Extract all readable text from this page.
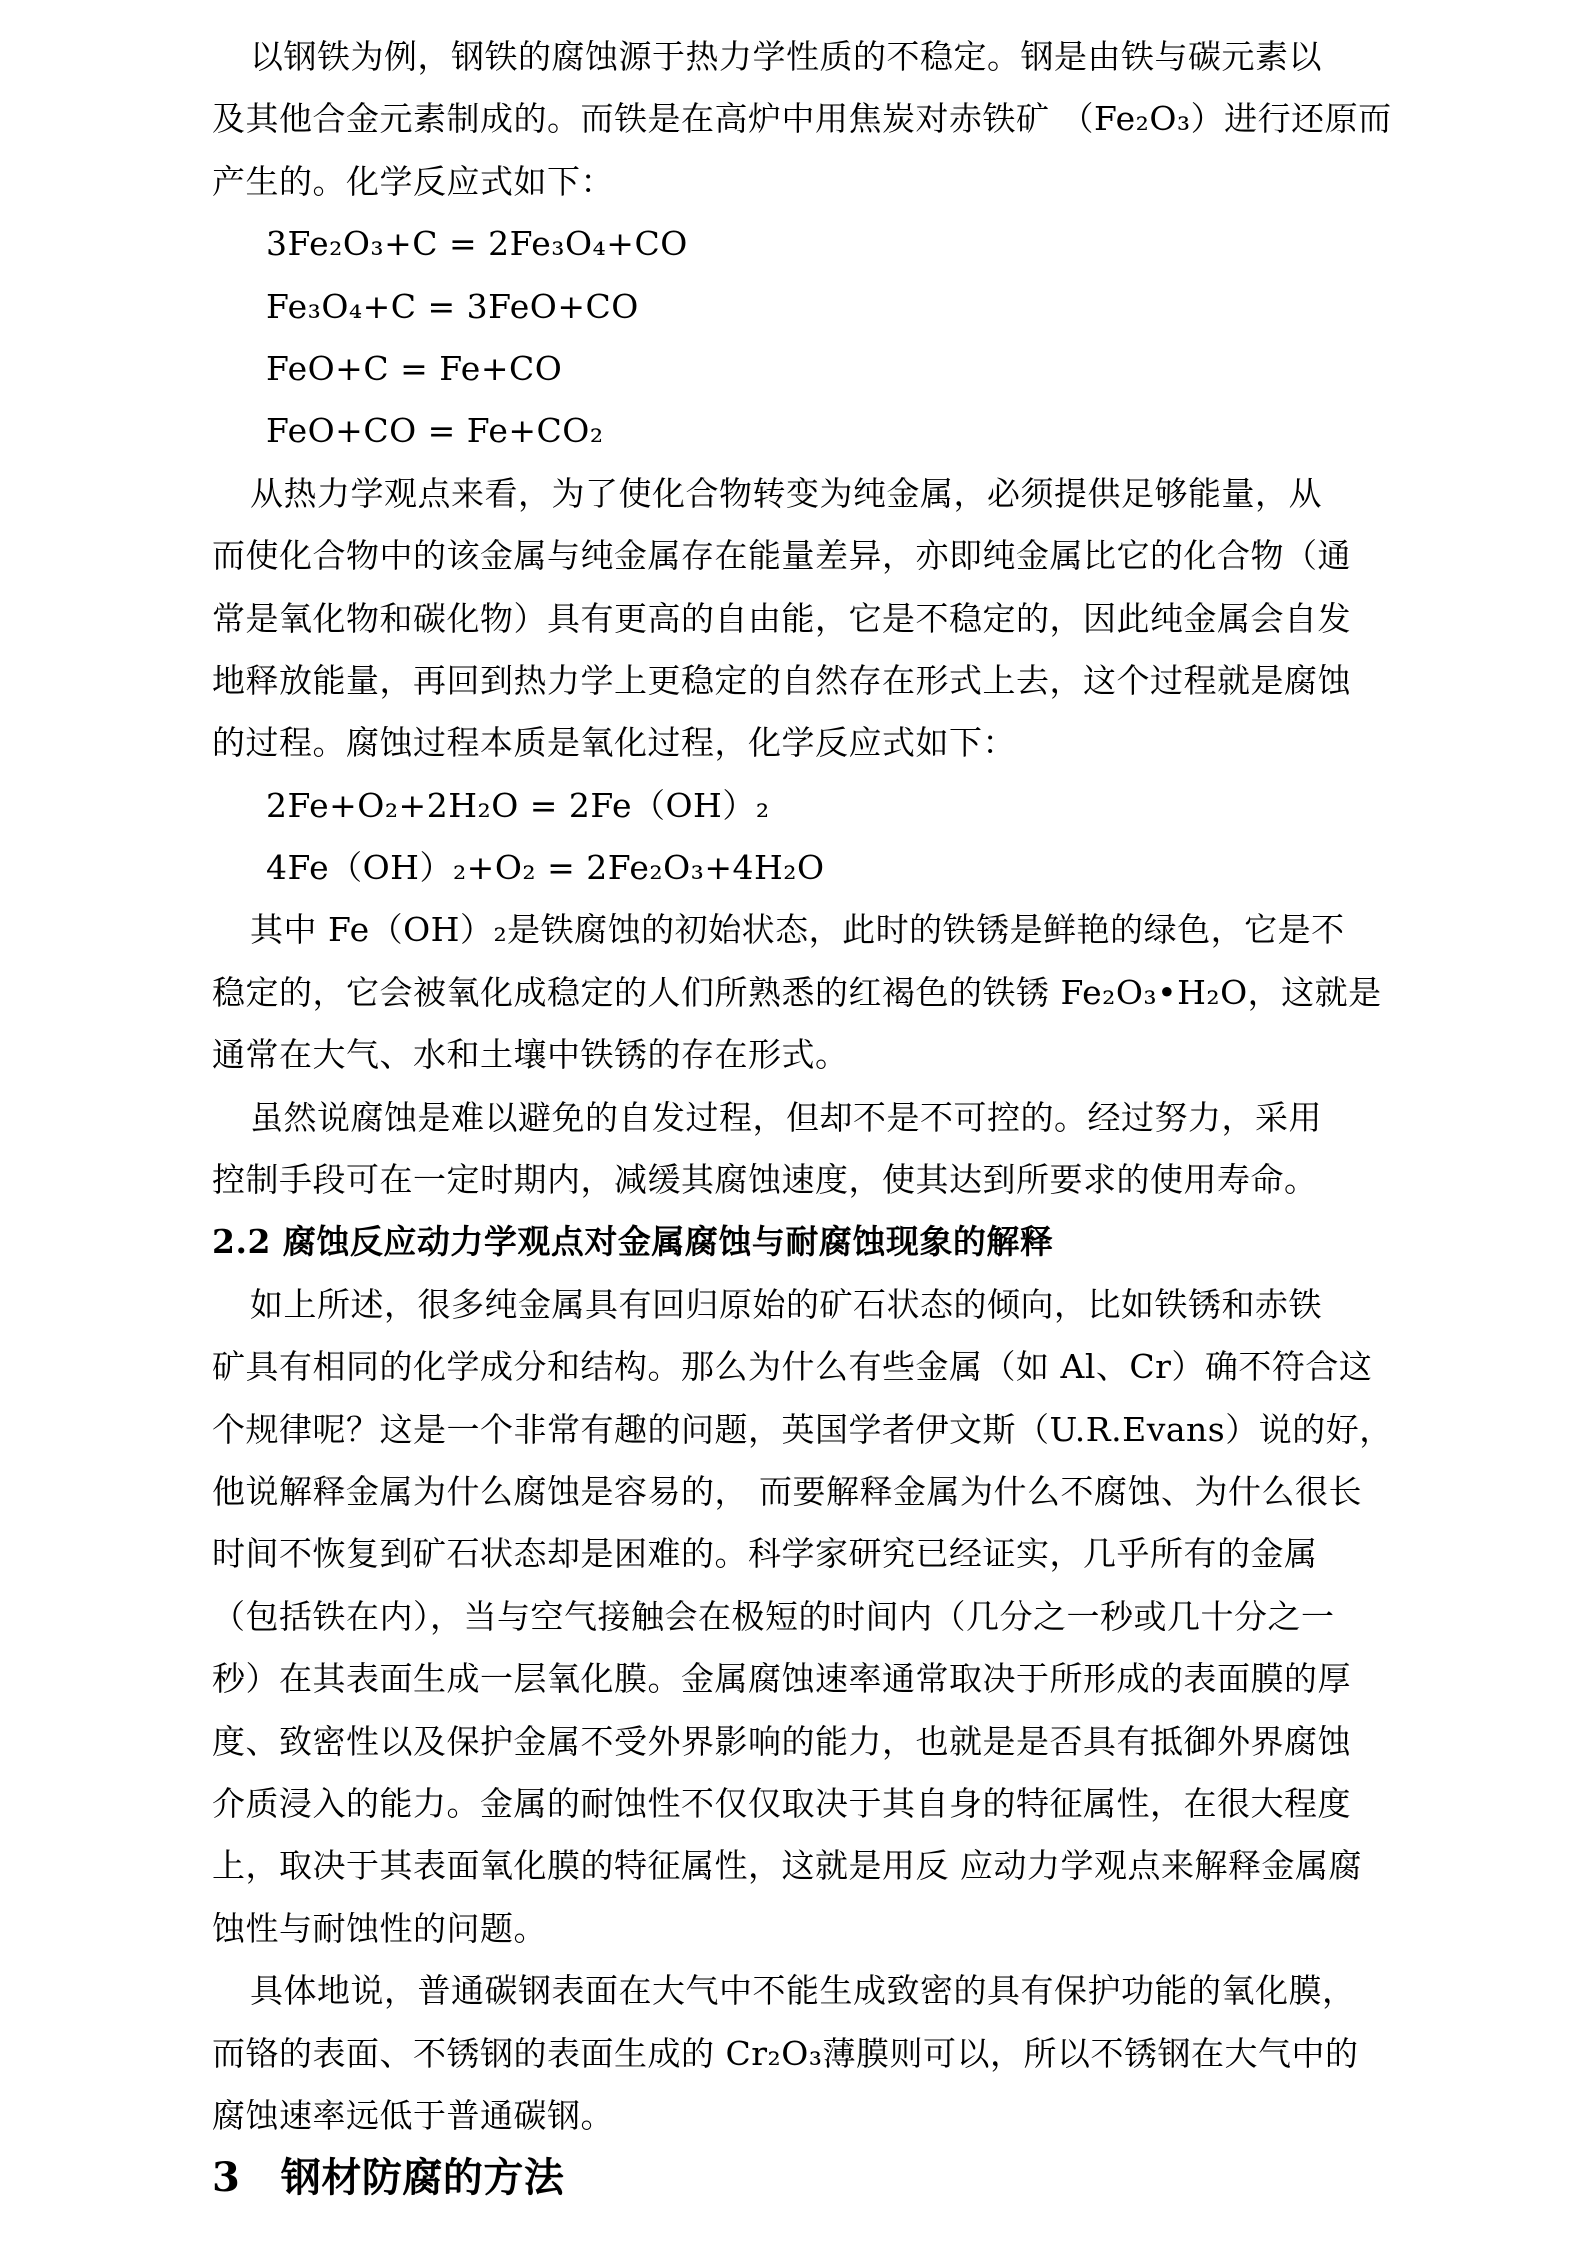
以钢铁为例，钢铁的腐蚀源于热力学性质的不稳定。钢是由铁与碳元素以
及其他合金元素制成的。而铁是在高炉中用焦炭对赤铁矿 （Fe₂O₃）进行还原而
产生的。化学反应式如下：
3Fe₂O₃+C = 2Fe₃O₄+CO
Fe₃O₄+C = 3FeO+CO
FeO+C = Fe+CO
FeO+CO = Fe+CO₂
从热力学观点来看，为了使化合物转变为纯金属，必须提供足够能量，从
而使化合物中的该金属与纯金属存在能量差异，亦即纯金属比它的化合物（通
常是氧化物和碳化物）具有更高的自由能，它是不稳定的，因此纯金属会自发
地释放能量，再回到热力学上更稳定的自然存在形式上去，这个过程就是腐蚀
的过程。腐蚀过程本质是氧化过程，化学反应式如下：
2Fe+O₂+2H₂O = 2Fe（OH）₂
4Fe（OH）₂+O₂ = 2Fe₂O₃+4H₂O
其中 Fe（OH）₂是铁腐蚀的初始状态，此时的铁锈是鲜艳的绿色，它是不
稳定的，它会被氧化成稳定的人们所熟悉的红褐色的铁锈 Fe₂O₃•H₂O，这就是
通常在大气、水和土壤中铁锈的存在形式。
虽然说腐蚀是难以避免的自发过程，但却不是不可控的。经过努力，采用
控制手段可在一定时期内，减缓其腐蚀速度，使其达到所要求的使用寿命。
2.2 腐蚀反应动力学观点对金属腐蚀与耐腐蚀现象的解释
如上所述，很多纯金属具有回归原始的矿石状态的倾向，比如铁锈和赤铁
矿具有相同的化学成分和结构。那么为什么有些金属（如 Al、Cr）确不符合这
个规律呢？这是一个非常有趣的问题，英国学者伊文斯（U.R.Evans）说的好，
他说解释金属为什么腐蚀是容易的， 而要解释金属为什么不腐蚀、为什么很长
时间不恢复到矿石状态却是困难的。科学家研究已经证实，几乎所有的金属
（包括铁在内），当与空气接触会在极短的时间内（几分之一秒或几十分之一
秒）在其表面生成一层氧化膜。金属腐蚀速率通常取决于所形成的表面膜的厚
度、致密性以及保护金属不受外界影响的能力，也就是是否具有抵御外界腐蚀
介质浸入的能力。金属的耐蚀性不仅仅取决于其自身的特征属性，在很大程度
上，取决于其表面氧化膜的特征属性，这就是用反 应动力学观点来解释金属腐
蚀性与耐蚀性的问题。
具体地说，普通碳钢表面在大气中不能生成致密的具有保护功能的氧化膜，
而铬的表面、不锈钢的表面生成的 Cr₂O₃薄膜则可以，所以不锈钢在大气中的
腐蚀速率远低于普通碳钢。
3　钢材防腐的方法
